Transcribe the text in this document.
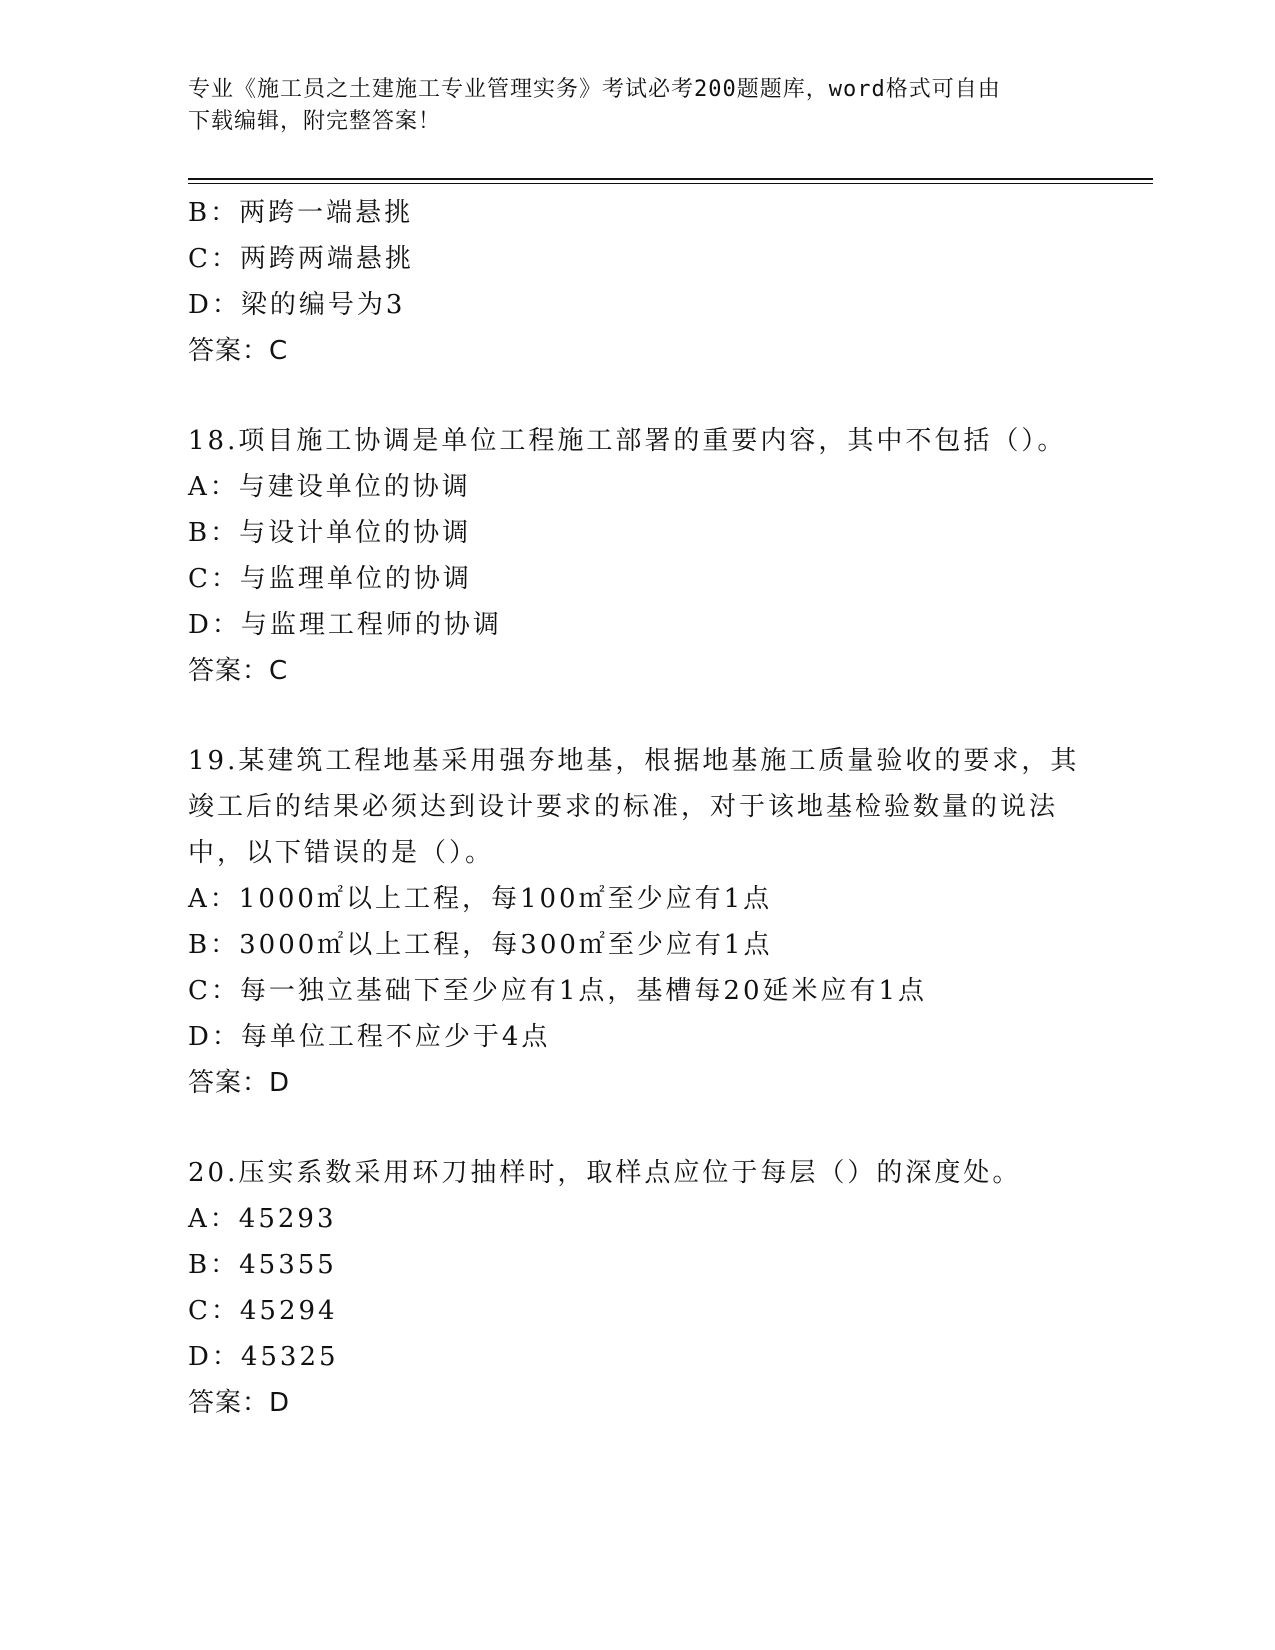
专业《施工员之土建施工专业管理实务》考试必考200题题库，word格式可自由
下载编辑，附完整答案！
B：两跨一端悬挑
C：两跨两端悬挑
D：梁的编号为3
答案：C
18.项目施工协调是单位工程施工部署的重要内容，其中不包括（）。
A：与建设单位的协调
B：与设计单位的协调
C：与监理单位的协调
D：与监理工程师的协调
答案：C
19.某建筑工程地基采用强夯地基，根据地基施工质量验收的要求，其
竣工后的结果必须达到设计要求的标准，对于该地基检验数量的说法
中，以下错误的是（）。
A：1000㎡以上工程，每100㎡至少应有1点
B：3000㎡以上工程，每300㎡至少应有1点
C：每一独立基础下至少应有1点，基槽每20延米应有1点
D：每单位工程不应少于4点
答案：D
20.压实系数采用环刀抽样时，取样点应位于每层（）的深度处。
A：45293
B：45355
C：45294
D：45325
答案：D
